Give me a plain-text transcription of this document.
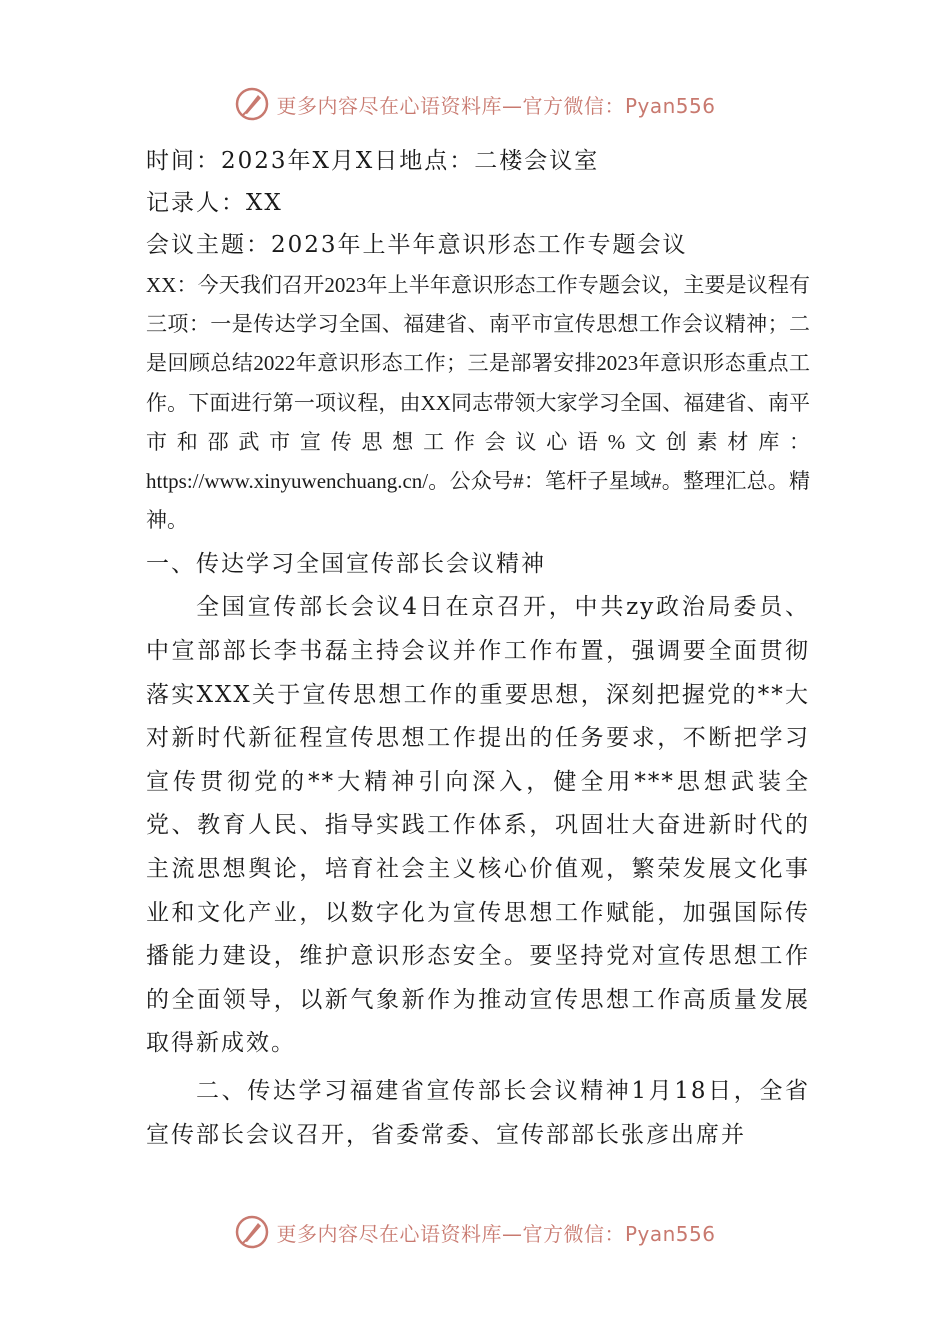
更多内容尽在心语资料库—官方微信：Pyan556
时间：2023年X月X日地点：二楼会议室
记录人：XX
会议主题：2023年上半年意识形态工作专题会议

XX：今天我们召开2023年上半年意识形态工作专题会议，主要是议程有三项：一是传达学习全国、福建省、南平市宣传思想工作会议精神；二是回顾总结2022年意识形态工作；三是部署安排2023年意识形态重点工作。下面进行第一项议程，由XX同志带领大家学习全国、福建省、南平市和邵武市宣传思想工作会议心语%文创素材库：https://www.xinyuwenchuang.cn/。公众号#：笔杆子星域#。整理汇总。精神。

一、传达学习全国宣传部长会议精神

全国宣传部长会议4日在京召开，中共zy政治局委员、中宣部部长李书磊主持会议并作工作布置，强调要全面贯彻落实XXX关于宣传思想工作的重要思想，深刻把握党的**大对新时代新征程宣传思想工作提出的任务要求，不断把学习宣传贯彻党的**大精神引向深入，健全用***思想武装全党、教育人民、指导实践工作体系，巩固壮大奋进新时代的主流思想舆论，培育社会主义核心价值观，繁荣发展文化事业和文化产业，以数字化为宣传思想工作赋能，加强国际传播能力建设，维护意识形态安全。要坚持党对宣传思想工作的全面领导，以新气象新作为推动宣传思想工作高质量发展取得新成效。

二、传达学习福建省宣传部长会议精神1月18日，全省宣传部长会议召开，省委常委、宣传部部长张彦出席并

更多内容尽在心语资料库—官方微信：Pyan556
